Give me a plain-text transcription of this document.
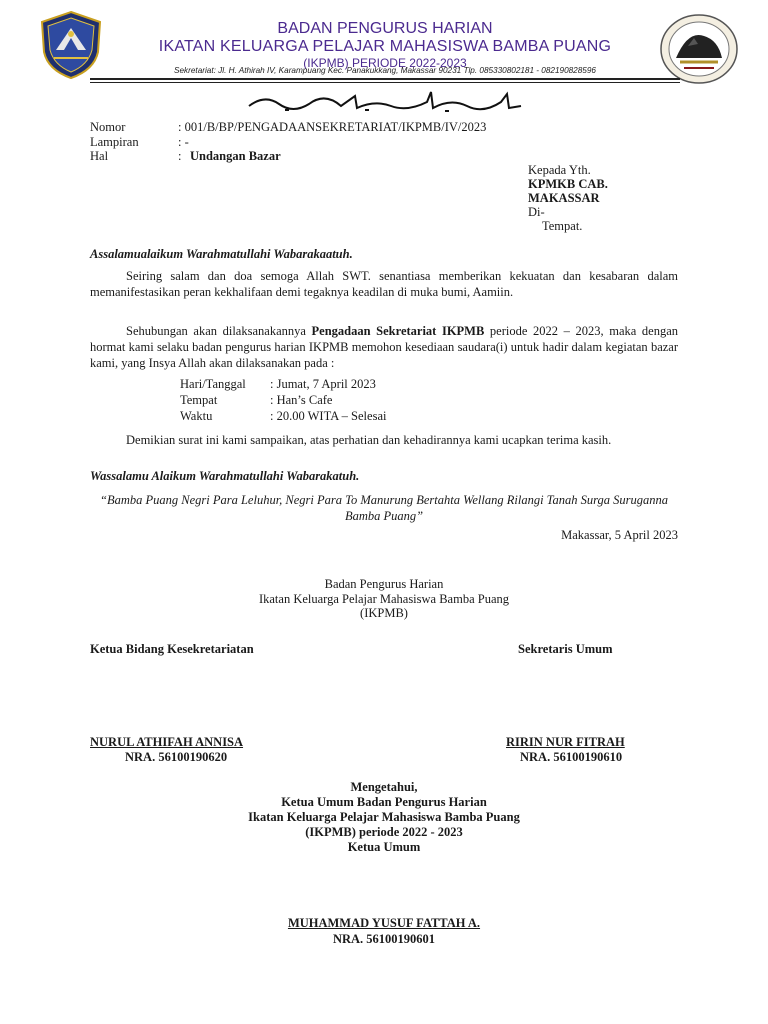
BADAN PENGURUS HARIAN
IKATAN KELUARGA PELAJAR MAHASISWA BAMBA PUANG
(IKPMB) PERIODE 2022-2023
Sekretariat: Jl. H. Athirah IV, Karampuang Kec. Panakukkang, Makassar 90231 Tlp. 085330802181 - 082190828596
Nomor	: 001/B/BP/PENGADAANSEKRETARIAT/IKPMB/IV/2023
Lampiran	: -
Hal	: Undangan Bazar
Kepada Yth.
KPMKB CAB.
MAKASSAR
Di-
Tempat.
Assalamualaikum Warahmatullahi Wabarakaatuh.
Seiring salam dan doa semoga Allah SWT. senantiasa memberikan kekuatan dan kesabaran dalam memanifestasikan peran kekhalifaan demi tegaknya keadilan di muka bumi, Aamiin.
Sehubungan akan dilaksanakannya Pengadaan Sekretariat IKPMB periode 2022 – 2023, maka dengan hormat kami selaku badan pengurus harian IKPMB memohon kesediaan saudara(i) untuk hadir dalam kegiatan bazar kami, yang Insya Allah akan dilaksanakan pada :
Hari/Tanggal : Jumat, 7 April 2023
Tempat	: Han’s Cafe
Waktu	: 20.00 WITA – Selesai
Demikian surat ini kami sampaikan, atas perhatian dan kehadirannya kami ucapkan terima kasih.
Wassalamu Alaikum Warahmatullahi Wabarakatuh.
“Bamba Puang Negri Para Leluhur, Negri Para To Manurung Bertahta Wellang Rilangi Tanah Surga Suruganna Bamba Puang”
Makassar, 5 April 2023
Badan Pengurus Harian
Ikatan Keluarga Pelajar Mahasiswa Bamba Puang
(IKPMB)
Ketua Bidang Kesekretariatan	Sekretaris Umum
NURUL ATHIFAH ANNISA
NRA. 56100190620
RIRIN NUR FITRAH
NRA. 56100190610
Mengetahui,
Ketua Umum Badan Pengurus Harian
Ikatan Keluarga Pelajar Mahasiswa Bamba Puang
(IKPMB) periode 2022 - 2023
Ketua Umum
MUHAMMAD YUSUF FATTAH A.
NRA. 56100190601
